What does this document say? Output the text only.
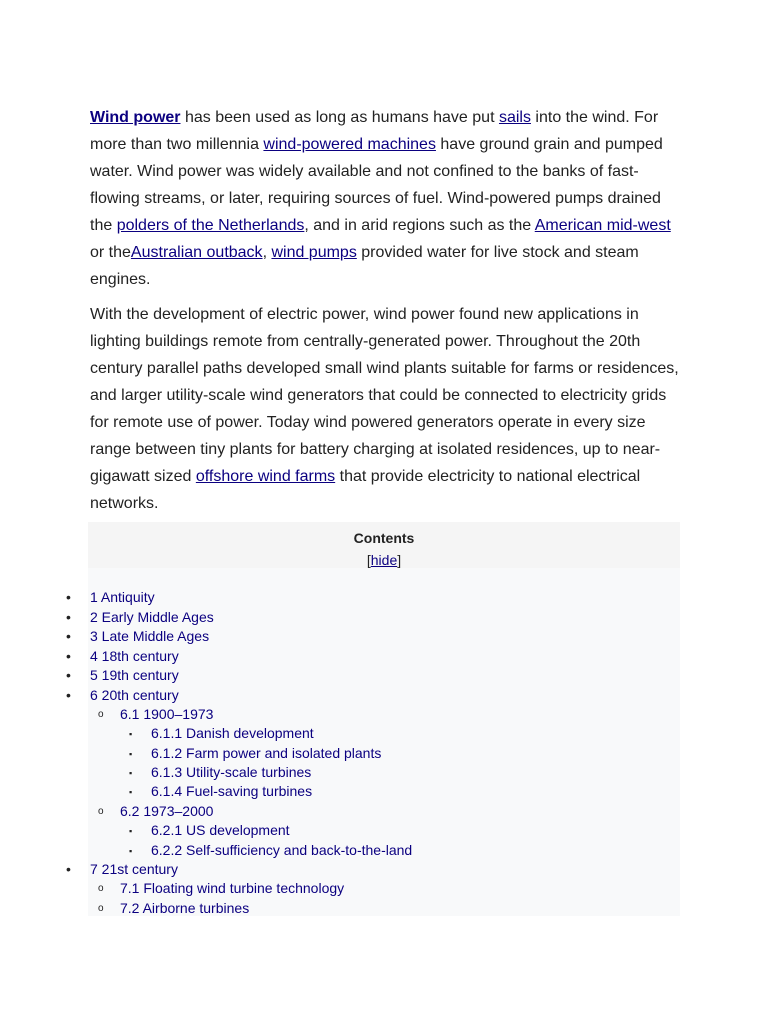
Wind power has been used as long as humans have put sails into the wind. For more than two millennia wind-powered machines have ground grain and pumped water. Wind power was widely available and not confined to the banks of fast-flowing streams, or later, requiring sources of fuel. Wind-powered pumps drained the polders of the Netherlands, and in arid regions such as the American mid-west or theAustralian outback, wind pumps provided water for live stock and steam engines.

With the development of electric power, wind power found new applications in lighting buildings remote from centrally-generated power. Throughout the 20th century parallel paths developed small wind plants suitable for farms or residences, and larger utility-scale wind generators that could be connected to electricity grids for remote use of power. Today wind powered generators operate in every size range between tiny plants for battery charging at isolated residences, up to near-gigawatt sized offshore wind farms that provide electricity to national electrical networks.

Contents
[hide]
• 1 Antiquity
• 2 Early Middle Ages
• 3 Late Middle Ages
• 4 18th century
• 5 19th century
• 6 20th century
o 6.1 1900–1973
▪ 6.1.1 Danish development
▪ 6.1.2 Farm power and isolated plants
▪ 6.1.3 Utility-scale turbines
▪ 6.1.4 Fuel-saving turbines
o 6.2 1973–2000
▪ 6.2.1 US development
▪ 6.2.2 Self-sufficiency and back-to-the-land
• 7 21st century
o 7.1 Floating wind turbine technology
o 7.2 Airborne turbines
